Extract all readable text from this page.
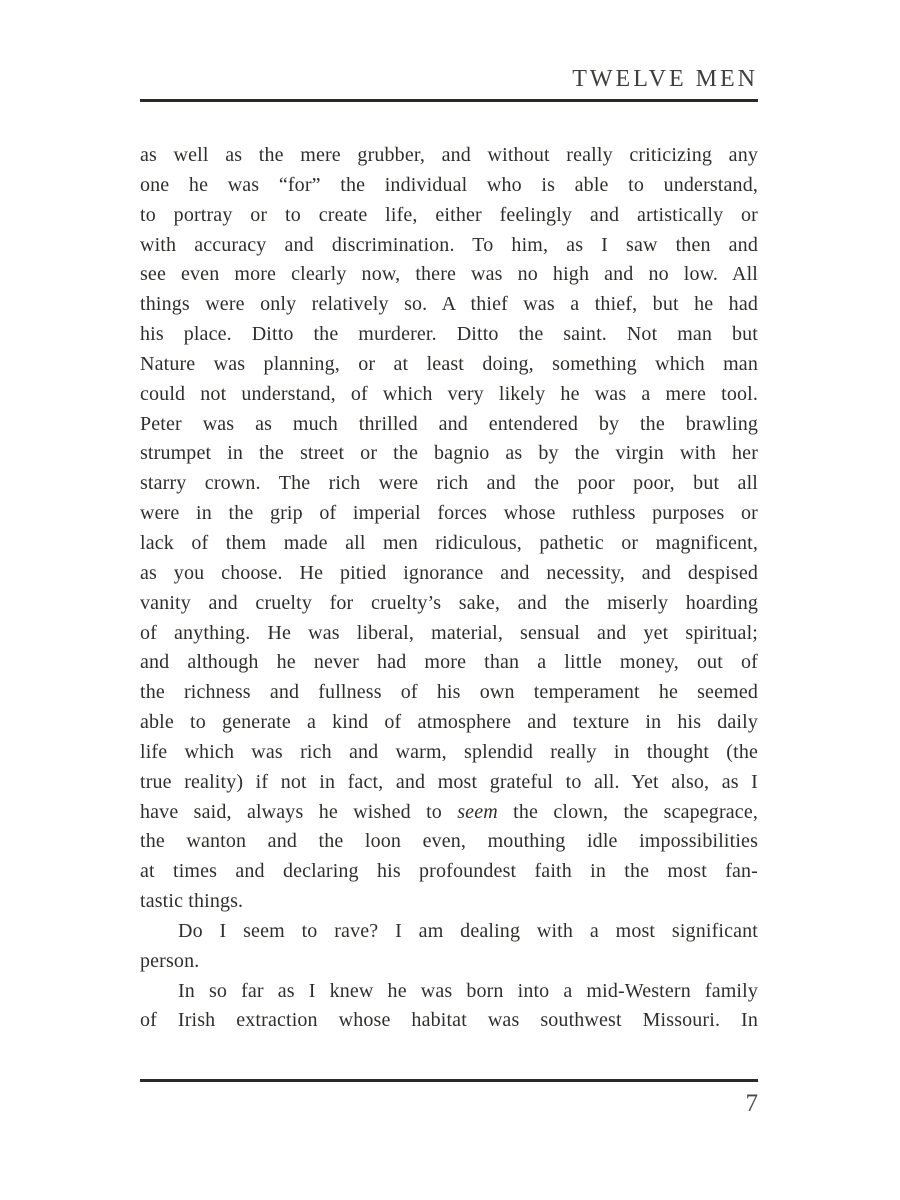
TWELVE MEN
as well as the mere grubber, and without really criticizing any
one he was “for” the individual who is able to understand,
to portray or to create life, either feelingly and artistically or
with accuracy and discrimination. To him, as I saw then and
see even more clearly now, there was no high and no low. All
things were only relatively so. A thief was a thief, but he had
his place. Ditto the murderer. Ditto the saint. Not man but
Nature was planning, or at least doing, something which man
could not understand, of which very likely he was a mere tool.
Peter was as much thrilled and entendered by the brawling
strumpet in the street or the bagnio as by the virgin with her
starry crown. The rich were rich and the poor poor, but all
were in the grip of imperial forces whose ruthless purposes or
lack of them made all men ridiculous, pathetic or magnificent,
as you choose. He pitied ignorance and necessity, and despised
vanity and cruelty for cruelty’s sake, and the miserly hoarding
of anything. He was liberal, material, sensual and yet spiritual;
and although he never had more than a little money, out of
the richness and fullness of his own temperament he seemed
able to generate a kind of atmosphere and texture in his daily
life which was rich and warm, splendid really in thought (the
true reality) if not in fact, and most grateful to all. Yet also, as I
have said, always he wished to seem the clown, the scapegrace,
the wanton and the loon even, mouthing idle impossibilities
at times and declaring his profoundest faith in the most fan-
tastic things.
Do I seem to rave? I am dealing with a most significant
person.
In so far as I knew he was born into a mid-Western family
of Irish extraction whose habitat was southwest Missouri. In
7
